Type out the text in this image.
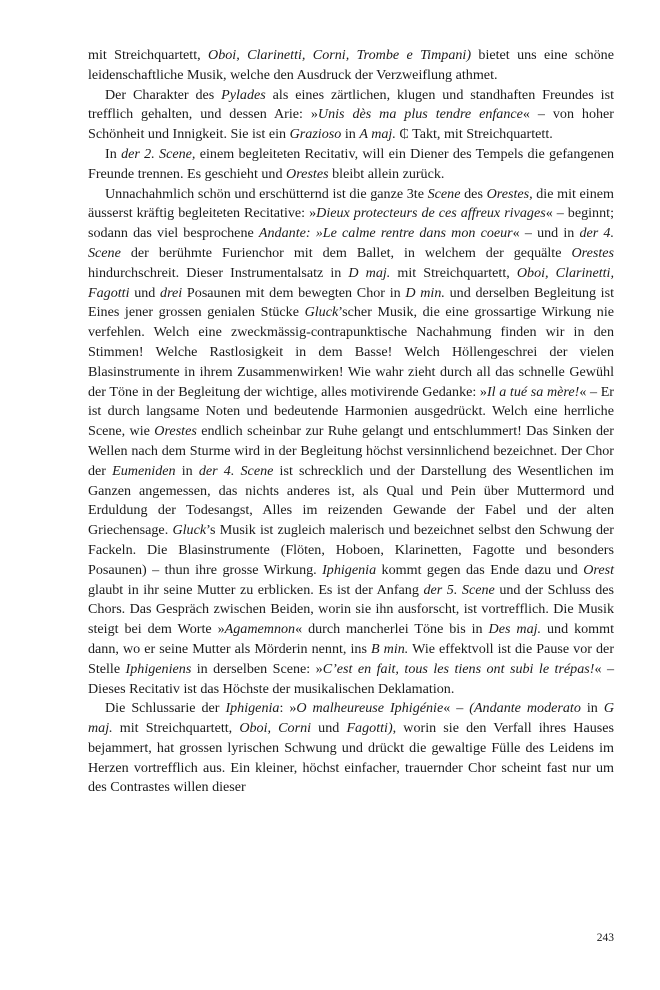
mit Streichquartett, Oboi, Clarinetti, Corni, Trombe e Timpani) bietet uns eine schöne leidenschaftliche Musik, welche den Ausdruck der Verzweiflung athmet.

Der Charakter des Pylades als eines zärtlichen, klugen und standhaften Freundes ist trefflich gehalten, und dessen Arie: »Unis dès ma plus tendre enfance« – von hoher Schönheit und Innigkeit. Sie ist ein Grazioso in A maj. ₵ Takt, mit Streichquartett.

In der 2. Scene, einem begleiteten Recitativ, will ein Diener des Tempels die gefangenen Freunde trennen. Es geschieht und Orestes bleibt allein zurück.

Unnachahmlich schön und erschütternd ist die ganze 3te Scene des Orestes, die mit einem äusserst kräftig begleiteten Recitative: »Dieux protecteurs de ces affreux rivages« – beginnt; sodann das viel besprochene Andante: »Le calme rentre dans mon coeur« – und in der 4. Scene der berühmte Furienchor mit dem Ballet, in welchem der gequälte Orestes hindurchschreit. Dieser Instrumentalsatz in D maj. mit Streichquartett, Oboi, Clarinetti, Fagotti und drei Posaunen mit dem bewegten Chor in D min. und derselben Begleitung ist Eines jener grossen genialen Stücke Gluck’scher Musik, die eine grossartige Wirkung nie verfehlen. Welch eine zweckmässig-contrapunktische Nachahmung finden wir in den Stimmen! Welche Rastlosigkeit in dem Basse! Welch Höllengeschrei der vielen Blasinstrumente in ihrem Zusammenwirken! Wie wahr zieht durch all das schnelle Gewühl der Töne in der Begleitung der wichtige, alles motivirende Gedanke: »Il a tué sa mère!« – Er ist durch langsame Noten und bedeutende Harmonien ausgedrückt. Welch eine herrliche Scene, wie Orestes endlich scheinbar zur Ruhe gelangt und entschlummert! Das Sinken der Wellen nach dem Sturme wird in der Begleitung höchst versinnlichend bezeichnet. Der Chor der Eumeniden in der 4. Scene ist schrecklich und der Darstellung des Wesentlichen im Ganzen angemessen, das nichts anderes ist, als Qual und Pein über Muttermord und Erduldung der Todesangst, Alles im reizenden Gewande der Fabel und der alten Griechensage. Gluck’s Musik ist zugleich malerisch und bezeichnet selbst den Schwung der Fackeln. Die Blasinstrumente (Flöten, Hoboen, Klarinetten, Fagotte und besonders Posaunen) – thun ihre grosse Wirkung. Iphigenia kommt gegen das Ende dazu und Orest glaubt in ihr seine Mutter zu erblicken. Es ist der Anfang der 5. Scene und der Schluss des Chors. Das Gespräch zwischen Beiden, worin sie ihn ausforscht, ist vortrefflich. Die Musik steigt bei dem Worte »Agamemnon« durch mancherlei Töne bis in Des maj. und kommt dann, wo er seine Mutter als Mörderin nennt, ins B min. Wie effektvoll ist die Pause vor der Stelle Iphigeniens in derselben Scene: »C’est en fait, tous les tiens ont subi le trépas!« – Dieses Recitativ ist das Höchste der musikalischen Deklamation.

Die Schlussarie der Iphigenia: »O malheureuse Iphigénie« – (Andante moderato in G maj. mit Streichquartett, Oboi, Corni und Fagotti), worin sie den Verfall ihres Hauses bejammert, hat grossen lyrischen Schwung und drückt die gewaltige Fülle des Leidens im Herzen vortrefflich aus. Ein kleiner, höchst einfacher, trauernder Chor scheint fast nur um des Contrastes willen dieser

243
